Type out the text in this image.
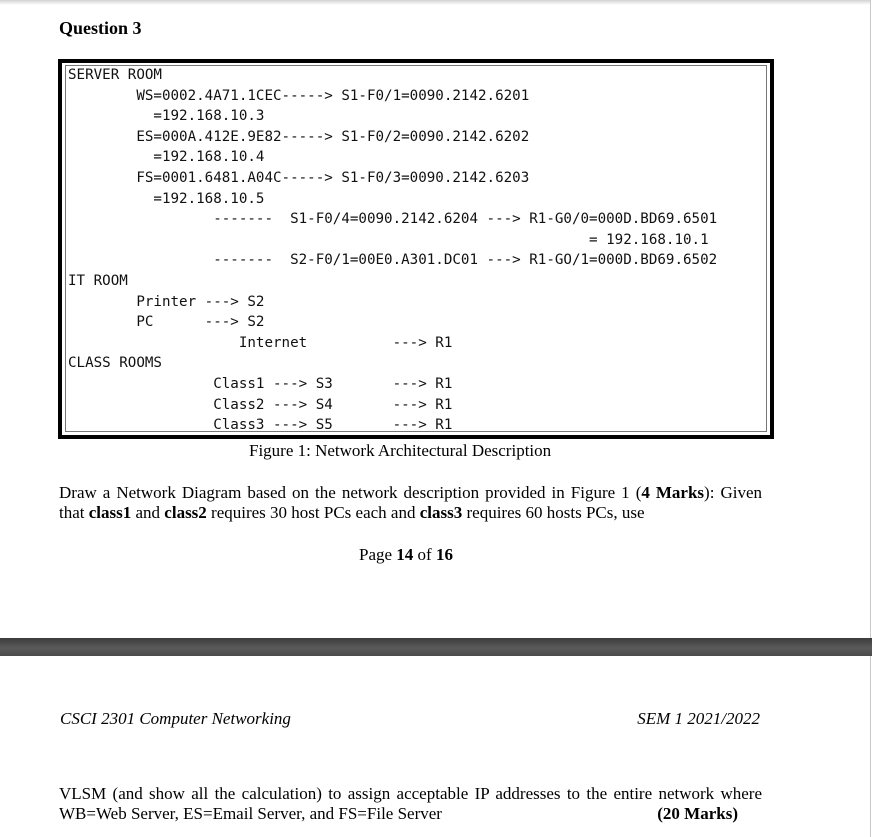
Question 3
SERVER ROOM
WS=0002.4A71.1CEC-----> S1-F0/1=0090.2142.6201
=192.168.10.3
ES=000A.412E.9E82-----> S1-F0/2=0090.2142.6202
=192.168.10.4
FS=0001.6481.A04C-----> S1-F0/3=0090.2142.6203
=192.168.10.5
-------  S1-F0/4=0090.2142.6204 ---> R1-G0/0=000D.BD69.6501
= 192.168.10.1
-------  S2-F0/1=00E0.A301.DC01 ---> R1-GO/1=000D.BD69.6502
IT ROOM
Printer ---> S2
PC      ---> S2
Internet          ---> R1
CLASS ROOMS
Class1 ---> S3       ---> R1
Class2 ---> S4       ---> R1
Class3 ---> S5       ---> R1
Figure 1: Network Architectural Description
Draw a Network Diagram based on the network description provided in Figure 1 (4 Marks): Given that class1 and class2 requires 30 host PCs each and class3 requires 60 hosts PCs, use
Page 14 of 16
CSCI 2301 Computer Networking	SEM 1 2021/2022
VLSM (and show all the calculation) to assign acceptable IP addresses to the entire network where WB=Web Server, ES=Email Server, and FS=File Server	(20 Marks)
